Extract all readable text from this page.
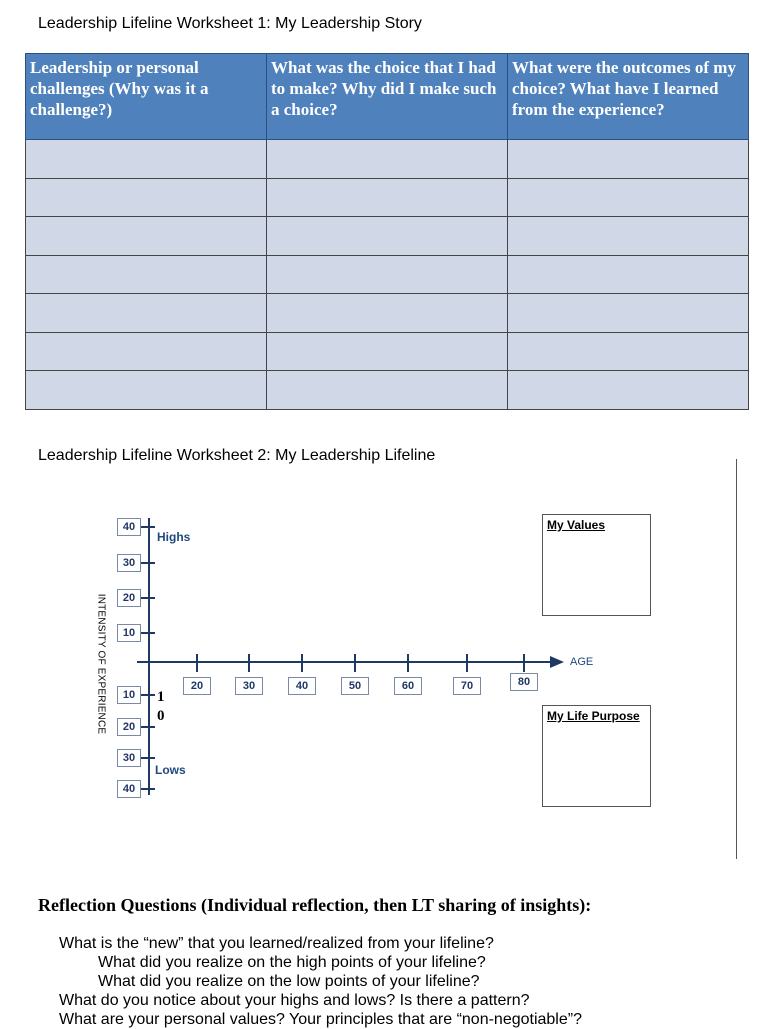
Leadership Lifeline Worksheet 1: My Leadership Story
Leadership or personal challenges (Why was it a challenge?)	What was the choice that I had to make? Why did I make such a choice?	What were the outcomes of my choice? What have I learned from the experience?

Leadership Lifeline Worksheet 2: My Leadership Lifeline
INTENSITY OF EXPERIENCE
40
30
20
10
10
20
30
40
20	30	40	50	60	70	80
Highs
Lows
AGE
10
My Values
My Life Purpose
Reflection Questions (Individual reflection, then LT sharing of insights):
What is the “new” that you learned/realized from your lifeline?
What did you realize on the high points of your lifeline?
What did you realize on the low points of your lifeline?
What do you notice about your highs and lows? Is there a pattern?
What are your personal values? Your principles that are “non-negotiable”?
